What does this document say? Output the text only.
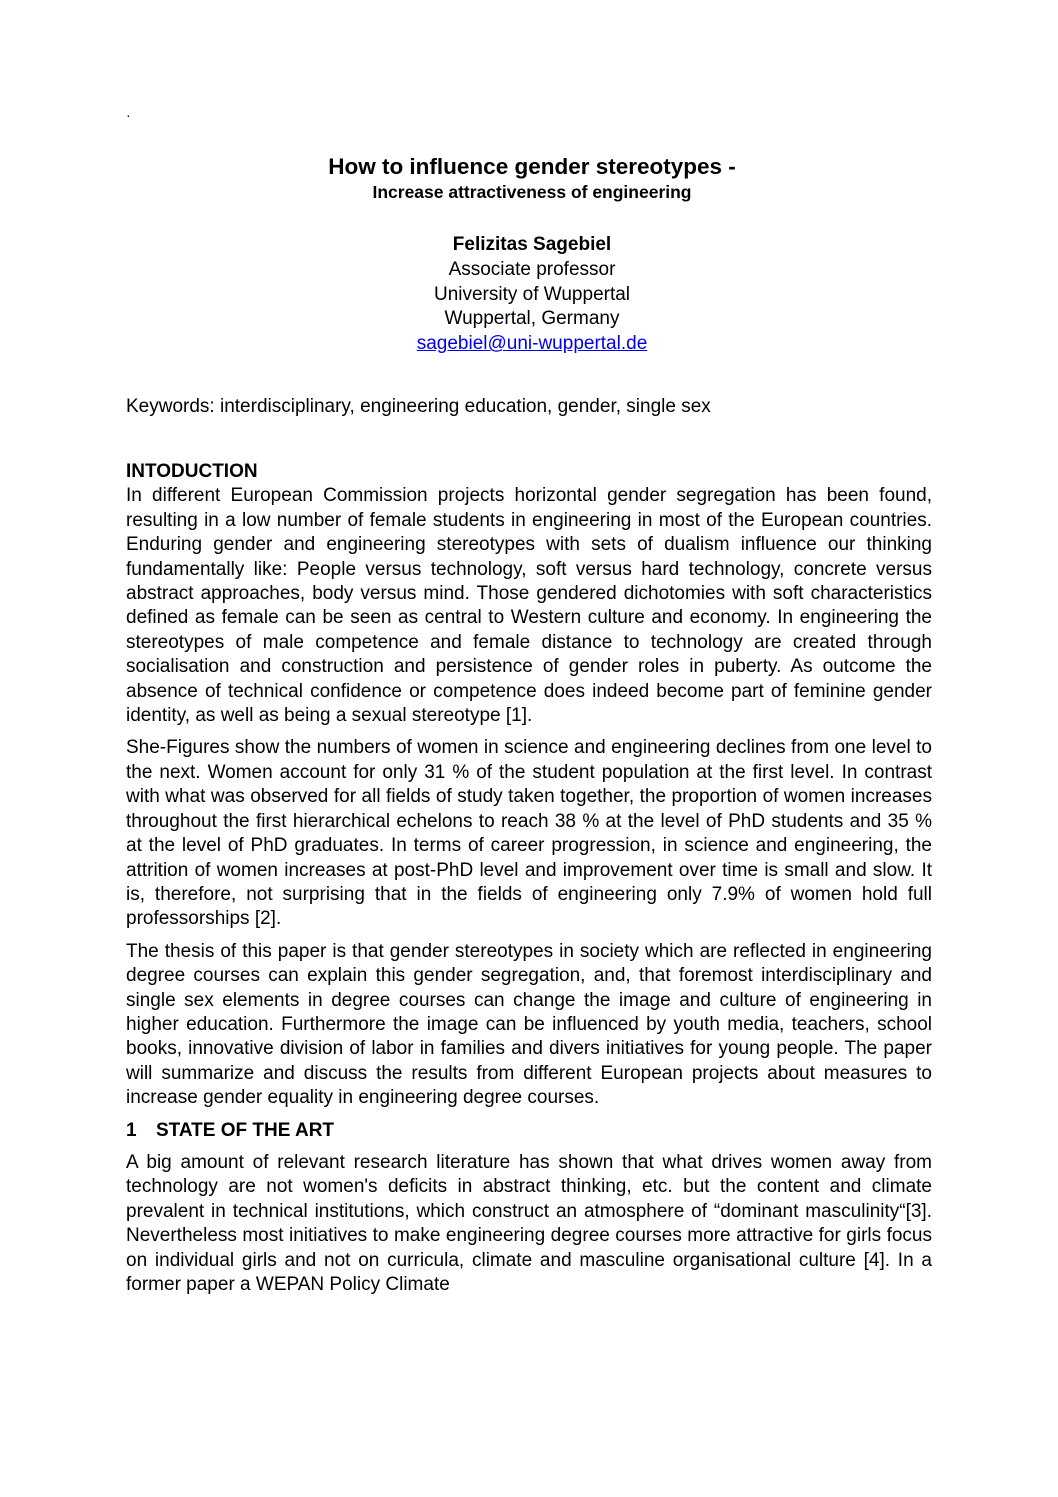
·
How to influence gender stereotypes -
Increase attractiveness of engineering
Felizitas Sagebiel
Associate professor
University of Wuppertal
Wuppertal, Germany
sagebiel@uni-wuppertal.de
Keywords: interdisciplinary, engineering education, gender, single sex
INTODUCTION

In different European Commission projects horizontal gender segregation has been found, resulting in a low number of female students in engineering in most of the European countries. Enduring gender and engineering stereotypes with sets of dualism influence our thinking fundamentally like: People versus technology, soft versus hard technology, concrete versus abstract approaches, body versus mind. Those gendered dichotomies with soft characteristics defined as female can be seen as central to Western culture and economy. In engineering the stereotypes of male competence and female distance to technology are created through socialisation and construction and persistence of gender roles in puberty. As outcome the absence of technical confidence or competence does indeed become part of feminine gender identity, as well as being a sexual stereotype [1].

She-Figures show the numbers of women in science and engineering declines from one level to the next. Women account for only 31 % of the student population at the first level. In contrast with what was observed for all fields of study taken together, the proportion of women increases throughout the first hierarchical echelons to reach 38 % at the level of PhD students and 35 % at the level of PhD graduates. In terms of career progression, in science and engineering, the attrition of women increases at post-PhD level and improvement over time is small and slow. It is, therefore, not surprising that in the fields of engineering only 7.9% of women hold full professorships [2].

The thesis of this paper is that gender stereotypes in society which are reflected in engineering degree courses can explain this gender segregation, and, that foremost interdisciplinary and single sex elements in degree courses can change the image and culture of engineering in higher education. Furthermore the image can be influenced by youth media, teachers, school books, innovative division of labor in families and divers initiatives for young people. The paper will summarize and discuss the results from different European projects about measures to increase gender equality in engineering degree courses.

1 STATE OF THE ART

A big amount of relevant research literature has shown that what drives women away from technology are not women's deficits in abstract thinking, etc. but the content and climate prevalent in technical institutions, which construct an atmosphere of “dominant masculinity“[3]. Nevertheless most initiatives to make engineering degree courses more attractive for girls focus on individual girls and not on curricula, climate and masculine organisational culture [4]. In a former paper a WEPAN Policy Climate
